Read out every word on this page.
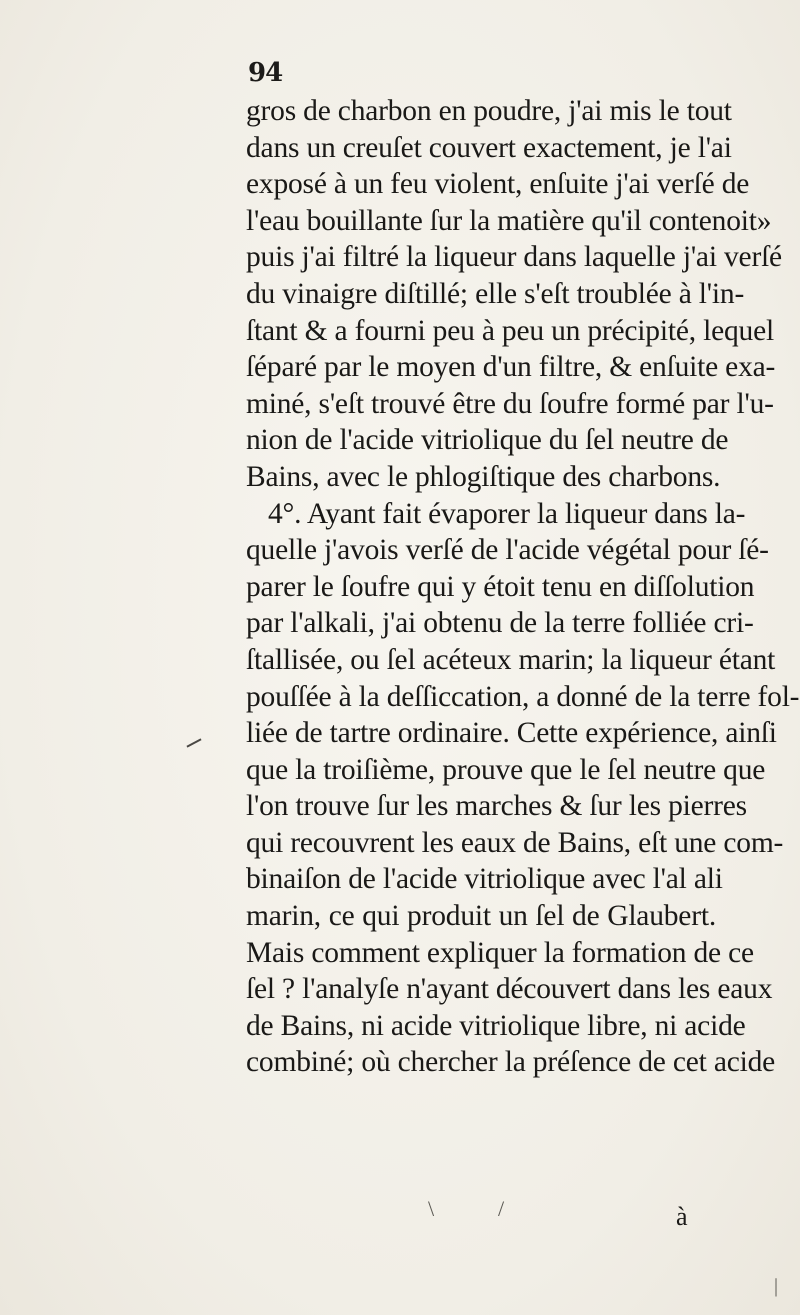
94
gros de charbon en poudre, j'ai mis le tout
dans un creuſet couvert exactement, je l'ai
exposé à un feu violent, enſuite j'ai verſé de
l'eau bouillante ſur la matière qu'il contenoit»
puis j'ai filtré la liqueur dans laquelle j'ai verſé
du vinaigre diſtillé; elle s'eſt troublée à l'in-
ſtant & a fourni peu à peu un précipité, lequel
ſéparé par le moyen d'un filtre, & enſuite exa-
miné, s'eſt trouvé être du ſoufre formé par l'u-
nion de l'acide vitriolique du ſel neutre de
Bains, avec le phlogiſtique des charbons.
4°. Ayant fait évaporer la liqueur dans la-
quelle j'avois verſé de l'acide végétal pour ſé-
parer le ſoufre qui y étoit tenu en diſſolution
par l'alkali, j'ai obtenu de la terre folliée cri-
ſtallisée, ou ſel acéteux marin; la liqueur étant
pouſſée à la deſſiccation, a donné de la terre fol-
liée de tartre ordinaire. Cette expérience, ainſi
que la troiſième, prouve que le ſel neutre que
l'on trouve ſur les marches & ſur les pierres
qui recouvrent les eaux de Bains, eſt une com-
binaiſon de l'acide vitriolique avec l'al ali
marin, ce qui produit un ſel de Glaubert.
Mais comment expliquer la formation de ce
ſel ? l'analyſe n'ayant découvert dans les eaux
de Bains, ni acide vitriolique libre, ni acide
combiné; où chercher la préſence de cet acide
\	/	à
|
